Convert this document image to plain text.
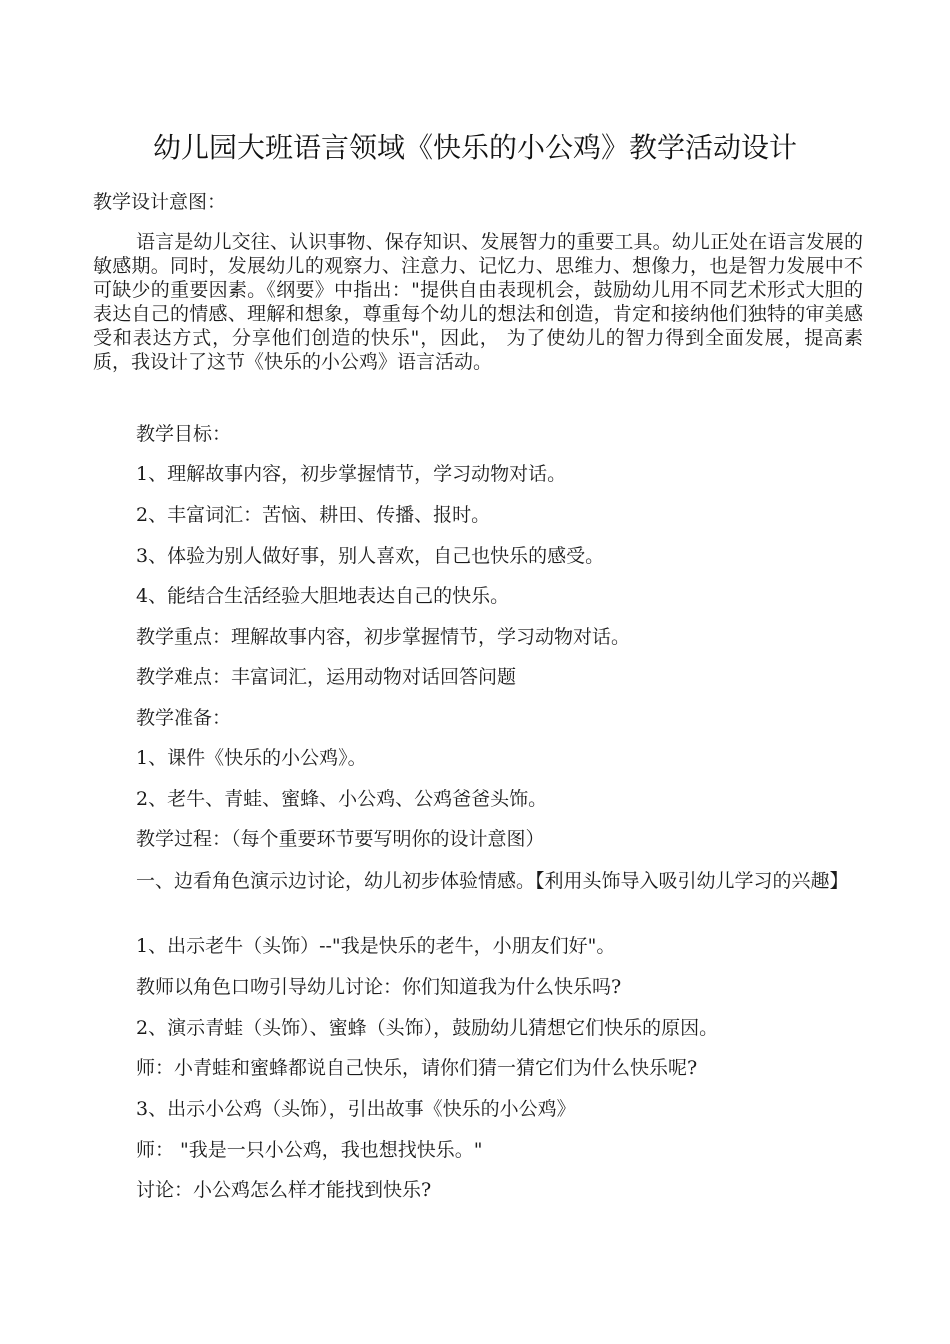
幼儿园大班语言领域《快乐的小公鸡》教学活动设计
教学设计意图：
语言是幼儿交往、认识事物、保存知识、发展智力的重要工具。幼儿正处在语言发展的敏感期。同时，发展幼儿的观察力、注意力、记忆力、思维力、想像力，也是智力发展中不可缺少的重要因素。《纲要》中指出："提供自由表现机会，鼓励幼儿用不同艺术形式大胆的表达自己的情感、理解和想象，尊重每个幼儿的想法和创造，肯定和接纳他们独特的审美感受和表达方式，分享他们创造的快乐"，因此， 为了使幼儿的智力得到全面发展，提高素质，我设计了这节《快乐的小公鸡》语言活动。
教学目标：
1、理解故事内容，初步掌握情节，学习动物对话。
2、丰富词汇：苦恼、耕田、传播、报时。
3、体验为别人做好事，别人喜欢，自己也快乐的感受。
4、能结合生活经验大胆地表达自己的快乐。
教学重点：理解故事内容，初步掌握情节，学习动物对话。
教学难点：丰富词汇，运用动物对话回答问题
教学准备：
1、课件《快乐的小公鸡》。
2、老牛、青蛙、蜜蜂、小公鸡、公鸡爸爸头饰。
教学过程：（每个重要环节要写明你的设计意图）
一、边看角色演示边讨论，幼儿初步体验情感。【利用头饰导入吸引幼儿学习的兴趣】
1、出示老牛（头饰）--"我是快乐的老牛，小朋友们好"。
教师以角色口吻引导幼儿讨论：你们知道我为什么快乐吗?
2、演示青蛙（头饰）、蜜蜂（头饰），鼓励幼儿猜想它们快乐的原因。
师：小青蛙和蜜蜂都说自己快乐，请你们猜一猜它们为什么快乐呢?
3、出示小公鸡（头饰），引出故事《快乐的小公鸡》
师： "我是一只小公鸡，我也想找快乐。"
讨论：小公鸡怎么样才能找到快乐?
